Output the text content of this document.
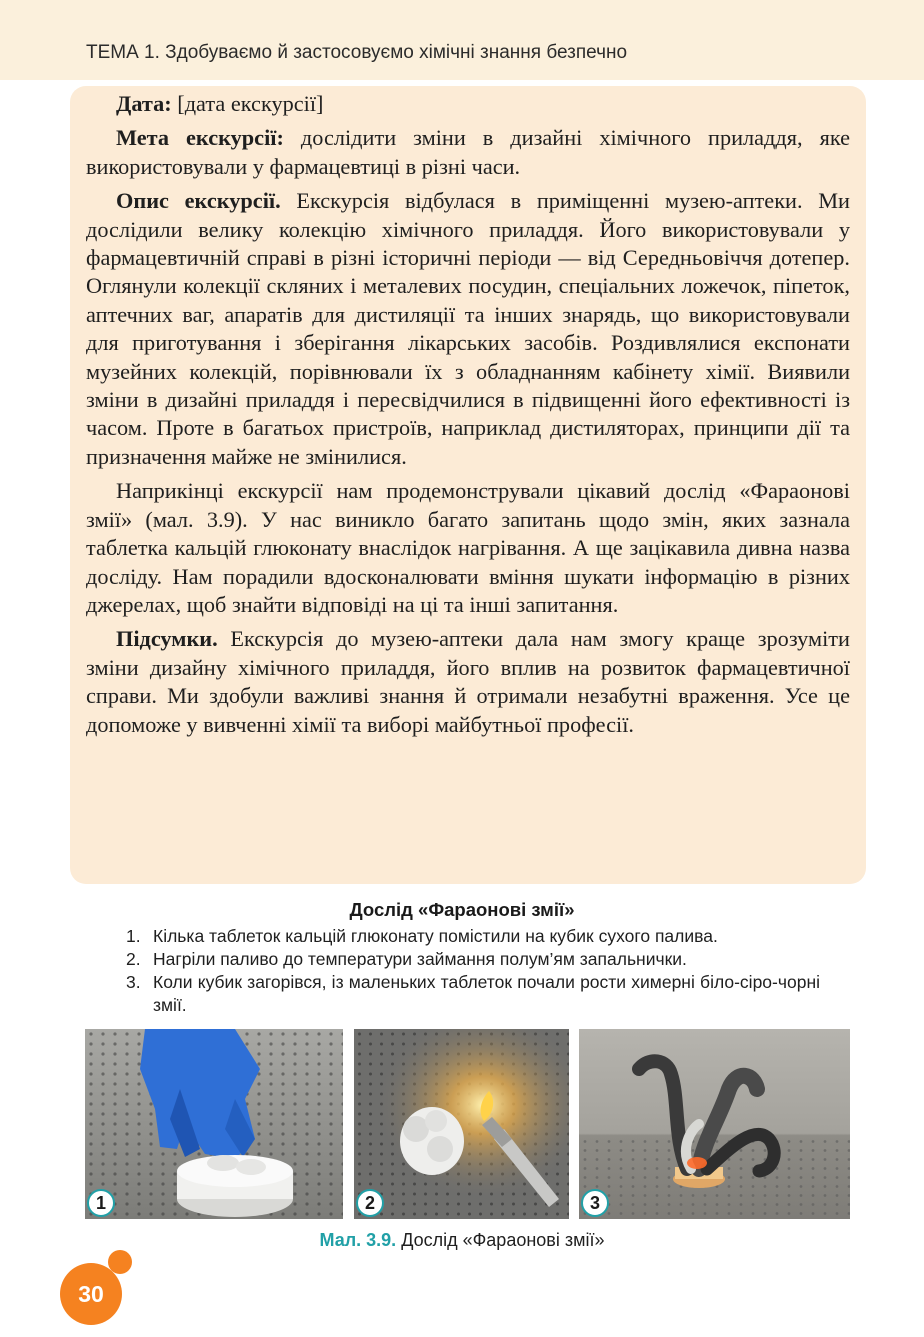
ТЕМА 1. Здобуваємо й застосовуємо хімічні знання безпечно

Дата: [дата екскурсії]

Мета екскурсії: дослідити зміни в дизайні хімічного приладдя, яке використовували у фармацевтиці в різні часи.

Опис екскурсії. Екскурсія відбулася в приміщенні музею-аптеки. Ми дослідили велику колекцію хімічного приладдя. Його використовували у фармацевтичній справі в різні історичні періоди — від Середньовіччя дотепер. Оглянули колекції скляних і металевих посудин, спеціальних ложечок, піпеток, аптечних ваг, апаратів для дистиляції та інших знарядь, що використовували для приготування і зберігання лікарських засобів. Роздивлялися експонати музейних колекцій, порівнювали їх з обладнанням кабінету хімії. Виявили зміни в дизайні приладдя і пересвідчилися в підвищенні його ефективності із часом. Проте в багатьох пристроїв, наприклад дистиляторах, принципи дії та призначення майже не змінилися.

Наприкінці екскурсії нам продемонстрували цікавий дослід «Фараонові змії» (мал. 3.9). У нас виникло багато запитань щодо змін, яких зазнала таблетка кальцій глюконату внаслідок нагрівання. А ще зацікавила дивна назва досліду. Нам порадили вдосконалювати вміння шукати інформацію в різних джерелах, щоб знайти відповіді на ці та інші запитання.

Підсумки. Екскурсія до музею-аптеки дала нам змогу краще зрозуміти зміни дизайну хімічного приладдя, його вплив на розвиток фармацевтичної справи. Ми здобули важливі знання й отримали незабутні враження. Усе це допоможе у вивченні хімії та виборі майбутньої професії.

Дослід «Фараонові змії»
1. Кілька таблеток кальцій глюконату помістили на кубик сухого палива.
2. Нагріли паливо до температури займання полум’ям запальнички.
3. Коли кубик загорівся, із маленьких таблеток почали рости химерні біло-сіро-чорні змії.
1	2	3
Мал. 3.9. Дослід «Фараонові змії»
30
